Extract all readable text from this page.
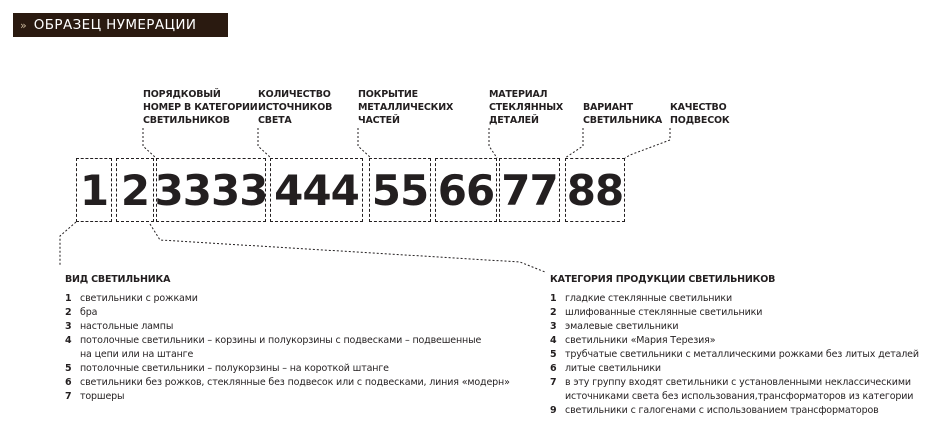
» ОБРАЗЕЦ НУМЕРАЦИИ
ПОРЯДКОВЫЙ
НОМЕР В КАТЕГОРИИ
СВЕТИЛЬНИКОВ
КОЛИЧЕСТВО
ИСТОЧНИКОВ
СВЕТА
ПОКРЫТИЕ
МЕТАЛЛИЧЕСКИХ
ЧАСТЕЙ
МАТЕРИАЛ
СТЕКЛЯННЫХ
ДЕТАЛЕЙ
ВАРИАНТ
СВЕТИЛЬНИКА
КАЧЕСТВО
ПОДВЕСОК
1 2 3333 444 55 66 77 88
ВИД СВЕТИЛЬНИКА
1 светильники с рожками
2 бра
3 настольные лампы
4 потолочные светильники – корзины и полукорзины с подвесками – подвешенные
на цепи или на штанге
5 потолочные светильники – полукорзины – на короткой штанге
6 светильники без рожков, стеклянные без подвесок или с подвесками, линия «модерн»
7 торшеры
КАТЕГОРИЯ ПРОДУКЦИИ СВЕТИЛЬНИКОВ
1 гладкие стеклянные светильники
2 шлифованные стеклянные светильники
3 эмалевые светильники
4 светильники «Мария Терезия»
5 трубчатые светильники с металлическими рожками без литых деталей
6 литые светильники
7 в эту группу входят светильники с установленными неклассическими
источниками света без использования,трансформаторов из категории
9 светильники с галогенами с использованием трансформаторов
